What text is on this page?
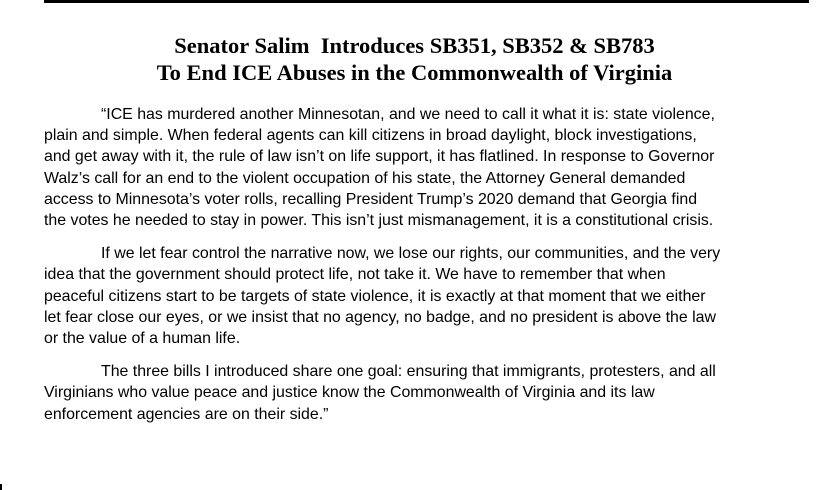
Senator Salim  Introduces SB351, SB352 & SB783
To End ICE Abuses in the Commonwealth of Virginia

“ICE has murdered another Minnesotan, and we need to call it what it is: state violence,
plain and simple. When federal agents can kill citizens in broad daylight, block investigations,
and get away with it, the rule of law isn’t on life support, it has flatlined. In response to Governor
Walz’s call for an end to the violent occupation of his state, the Attorney General demanded
access to Minnesota’s voter rolls, recalling President Trump’s 2020 demand that Georgia find
the votes he needed to stay in power. This isn’t just mismanagement, it is a constitutional crisis.

If we let fear control the narrative now, we lose our rights, our communities, and the very
idea that the government should protect life, not take it. We have to remember that when
peaceful citizens start to be targets of state violence, it is exactly at that moment that we either
let fear close our eyes, or we insist that no agency, no badge, and no president is above the law
or the value of a human life.

The three bills I introduced share one goal: ensuring that immigrants, protesters, and all
Virginians who value peace and justice know the Commonwealth of Virginia and its law
enforcement agencies are on their side.”
